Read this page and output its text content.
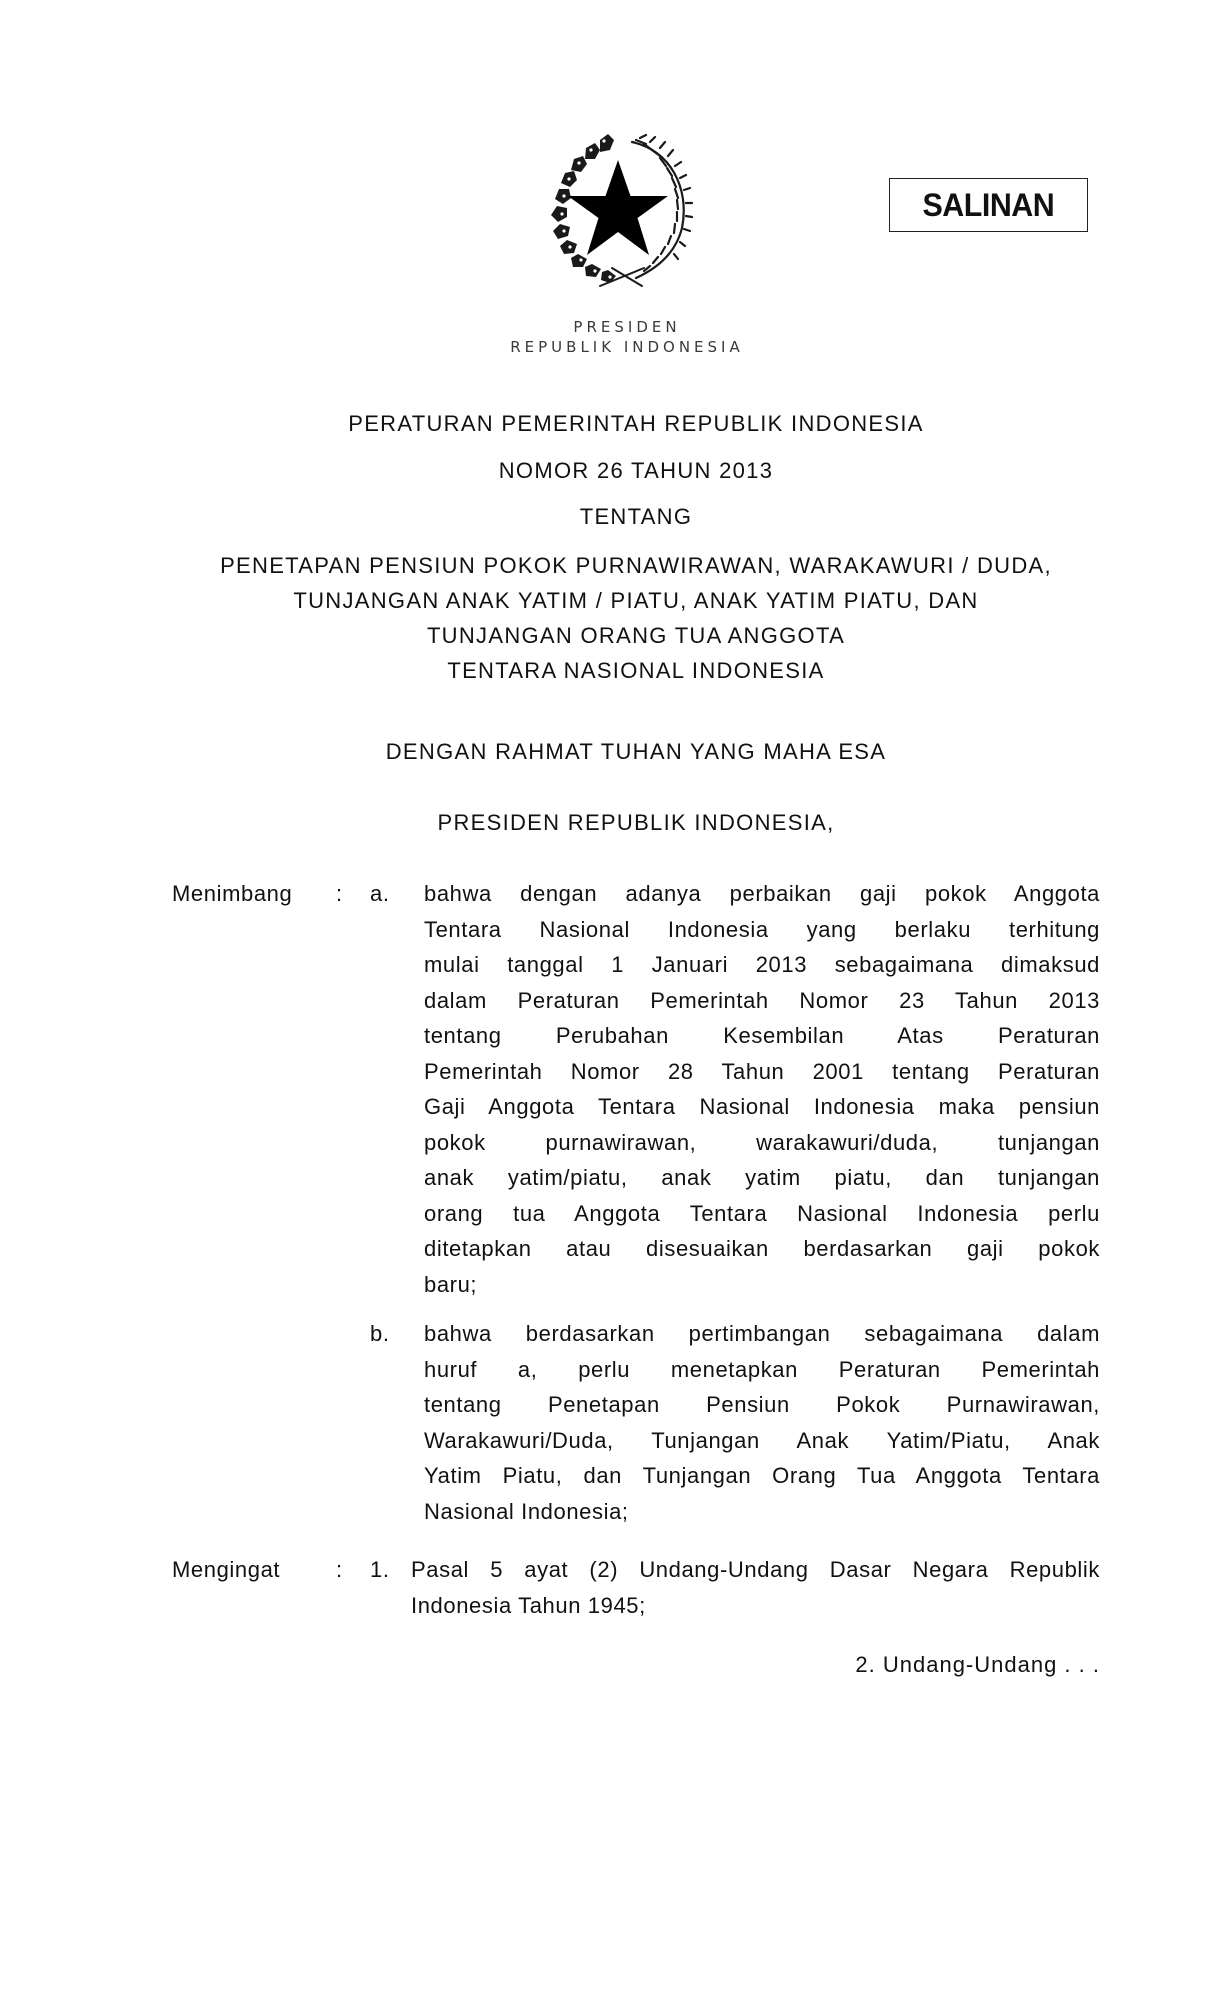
PRESIDEN
REPUBLIK INDONESIA
SALINAN
PERATURAN PEMERINTAH REPUBLIK INDONESIA
NOMOR 26 TAHUN 2013
TENTANG
PENETAPAN PENSIUN POKOK PURNAWIRAWAN, WARAKAWURI / DUDA,
TUNJANGAN ANAK YATIM / PIATU, ANAK YATIM PIATU, DAN
TUNJANGAN ORANG TUA ANGGOTA
TENTARA NASIONAL INDONESIA
DENGAN RAHMAT TUHAN YANG MAHA ESA
PRESIDEN REPUBLIK INDONESIA,
Menimbang	:	a.	bahwa dengan adanya perbaikan gaji pokok Anggota
Tentara Nasional Indonesia yang berlaku terhitung
mulai tanggal 1 Januari 2013 sebagaimana dimaksud
dalam Peraturan Pemerintah Nomor 23 Tahun 2013
tentang Perubahan Kesembilan Atas Peraturan
Pemerintah Nomor 28 Tahun 2001 tentang Peraturan
Gaji Anggota Tentara Nasional Indonesia maka pensiun
pokok purnawirawan, warakawuri/duda, tunjangan
anak yatim/piatu, anak yatim piatu, dan tunjangan
orang tua Anggota Tentara Nasional Indonesia perlu
ditetapkan atau disesuaikan berdasarkan gaji pokok
baru;
b.	bahwa berdasarkan pertimbangan sebagaimana dalam
huruf a, perlu menetapkan Peraturan Pemerintah
tentang Penetapan Pensiun Pokok Purnawirawan,
Warakawuri/Duda, Tunjangan Anak Yatim/Piatu, Anak
Yatim Piatu, dan Tunjangan Orang Tua Anggota Tentara
Nasional Indonesia;
Mengingat	:	1. Pasal 5 ayat (2) Undang-Undang Dasar Negara Republik
Indonesia Tahun 1945;
2. Undang-Undang . . .
